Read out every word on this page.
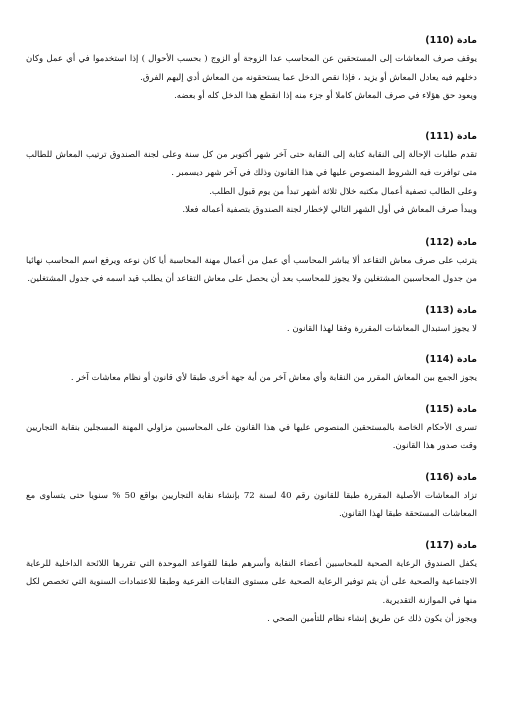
مادة (110)

يوقف صرف المعاشات إلى المستحقين عن المحاسب عدا الزوجة أو الزوج ( بحسب الأحوال ) إذا استخدموا في أي عمل وكان دخلهم فيه يعادل المعاش أو يزيد ، فإذا نقص الدخل عما يستحقونه من المعاش أدي إليهم الفرق.

ويعود حق هؤلاء في صرف المعاش كاملا أو جزء منه إذا انقطع هذا الدخل كله أو بعضه.

مادة (111)

تقدم طلبات الإحالة إلى النقابة كتابة إلى النقابة حتى آخر شهر أكتوبر من كل سنة وعلى لجنة الصندوق ترتيب المعاش للطالب متى توافرت فيه الشروط المنصوص عليها في هذا القانون وذلك في آخر شهر ديسمبر .

وعلى الطالب تصفية أعمال مكتبه خلال ثلاثة أشهر تبدأ من يوم قبول الطلب.

ويبدأ صرف المعاش في أول الشهر التالي لإخطار لجنة الصندوق بتصفية أعماله فعلا.

مادة (112)

يترتب على صرف معاش التقاعد ألا يباشر المحاسب أي عمل من أعمال مهنة المحاسبة أيا كان نوعه ويرفع اسم المحاسب نهائيا من جدول المحاسبين المشتغلين ولا يجوز للمحاسب بعد أن يحصل على معاش التقاعد أن يطلب قيد اسمه في جدول المشتغلين.

مادة (113)

لا يجوز استبدال المعاشات المقررة وفقا لهذا القانون .

مادة (114)

يجوز الجمع بين المعاش المقرر من النقابة وأي معاش آخر من أية جهة أخرى طبقا لأي قانون أو نظام معاشات آخر .

مادة (115)

تسرى الأحكام الخاصة بالمستحقين المنصوص عليها في هذا القانون على المحاسبين مزاولي المهنة المسجلين بنقابة التجاريين وقت صدور هذا القانون.

مادة (116)

تزاد المعاشات الأصلية المقررة طبقا للقانون رقم 40 لسنة 72 بإنشاء نقابة التجاريين بواقع 50 % سنويا حتى يتساوى مع المعاشات المستحقة طبقا لهذا القانون.

مادة (117)

يكفل الصندوق الرعاية الصحية للمحاسبين أعضاء النقابة وأسرهم طبقا للقواعد الموحدة التي تقررها اللائحة الداخلية للرعاية الاجتماعية والصحية على أن يتم توفير الرعاية الصحية على مستوى النقابات الفرعية وطبقا للاعتمادات السنوية التي تخصص لكل منها في الموازنة التقديرية.

ويجوز أن يكون ذلك عن طريق إنشاء نظام للتأمين الصحي .
